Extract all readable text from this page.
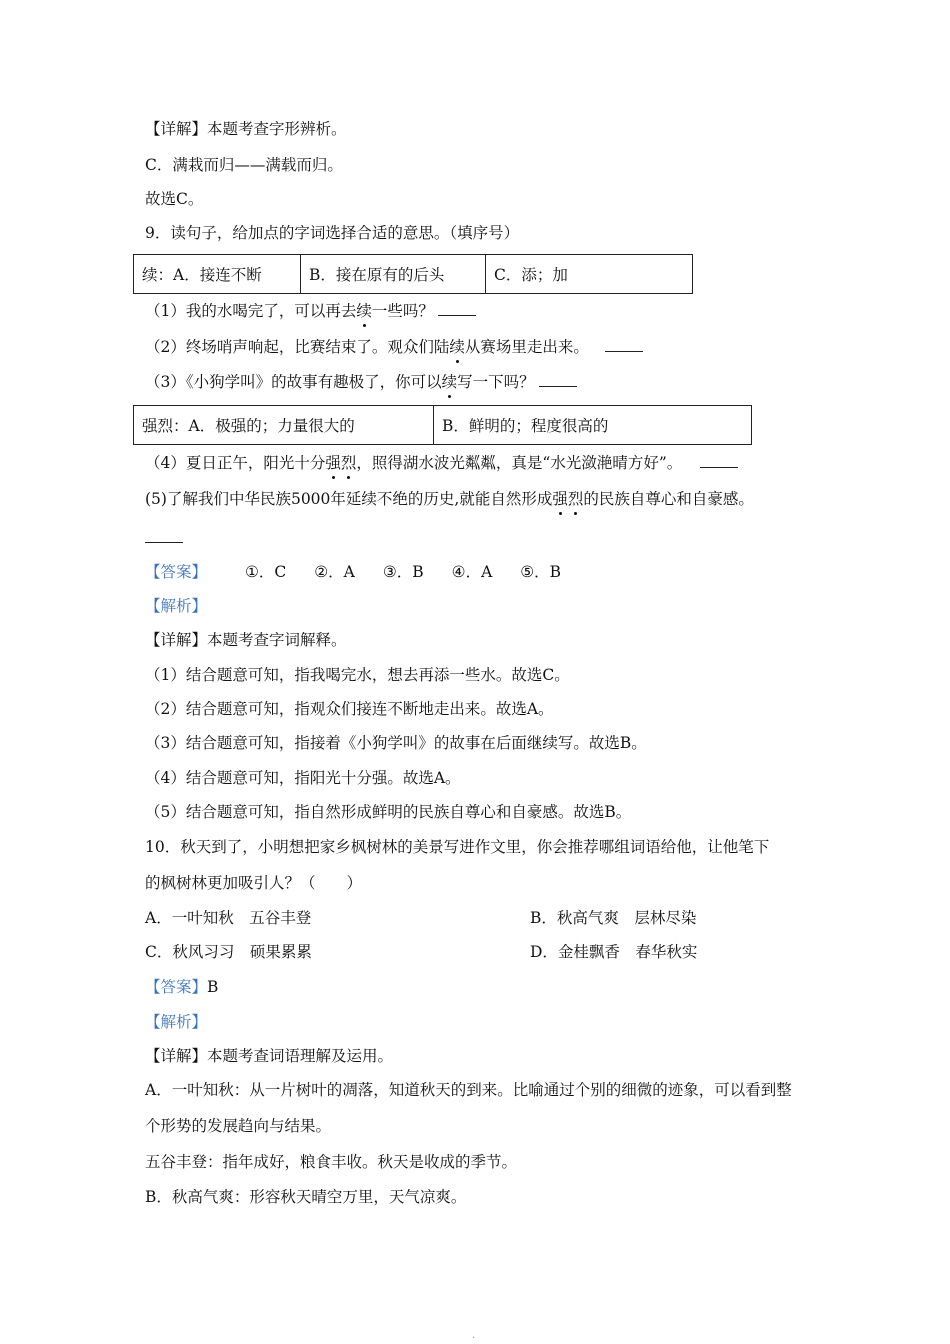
【详解】本题考查字形辨析。
C．满栽而归——满载而归。
故选C。
9．读句子，给加点的字词选择合适的意思。（填序号）
续：A．接连不断	B．接在原有的后头	C．添；加
（1）我的水喝完了，可以再去续一些吗？
（2）终场哨声响起，比赛结束了。观众们陆续从赛场里走出来。
（3）《小狗学叫》的故事有趣极了，你可以续写一下吗？
强烈：A．极强的；力量很大的	B．鲜明的；程度很高的
（4）夏日正午，阳光十分强烈，照得湖水波光粼粼，真是“水光潋滟晴方好”。
(5)了解我们中华民族5000年延续不绝的历史,就能自然形成强烈的民族自尊心和自豪感。
【答案】 ①．C ②．A ③．B ④．A ⑤．B
【解析】
【详解】本题考查字词解释。
（1）结合题意可知，指我喝完水，想去再添一些水。故选C。
（2）结合题意可知，指观众们接连不断地走出来。故选A。
（3）结合题意可知，指接着《小狗学叫》的故事在后面继续写。故选B。
（4）结合题意可知，指阳光十分强。故选A。
（5）结合题意可知，指自然形成鲜明的民族自尊心和自豪感。故选B。
10．秋天到了，小明想把家乡枫树林的美景写进作文里，你会推荐哪组词语给他，让他笔下
的枫树林更加吸引人？（　　）
A．一叶知秋　五谷丰登	B．秋高气爽　层林尽染
C．秋风习习　硕果累累	D．金桂飘香　春华秋实
【答案】B
【解析】
【详解】本题考查词语理解及运用。
A．一叶知秋：从一片树叶的凋落，知道秋天的到来。比喻通过个别的细微的迹象，可以看到整
个形势的发展趋向与结果。
五谷丰登：指年成好，粮食丰收。秋天是收成的季节。
B．秋高气爽：形容秋天晴空万里，天气凉爽。
.
